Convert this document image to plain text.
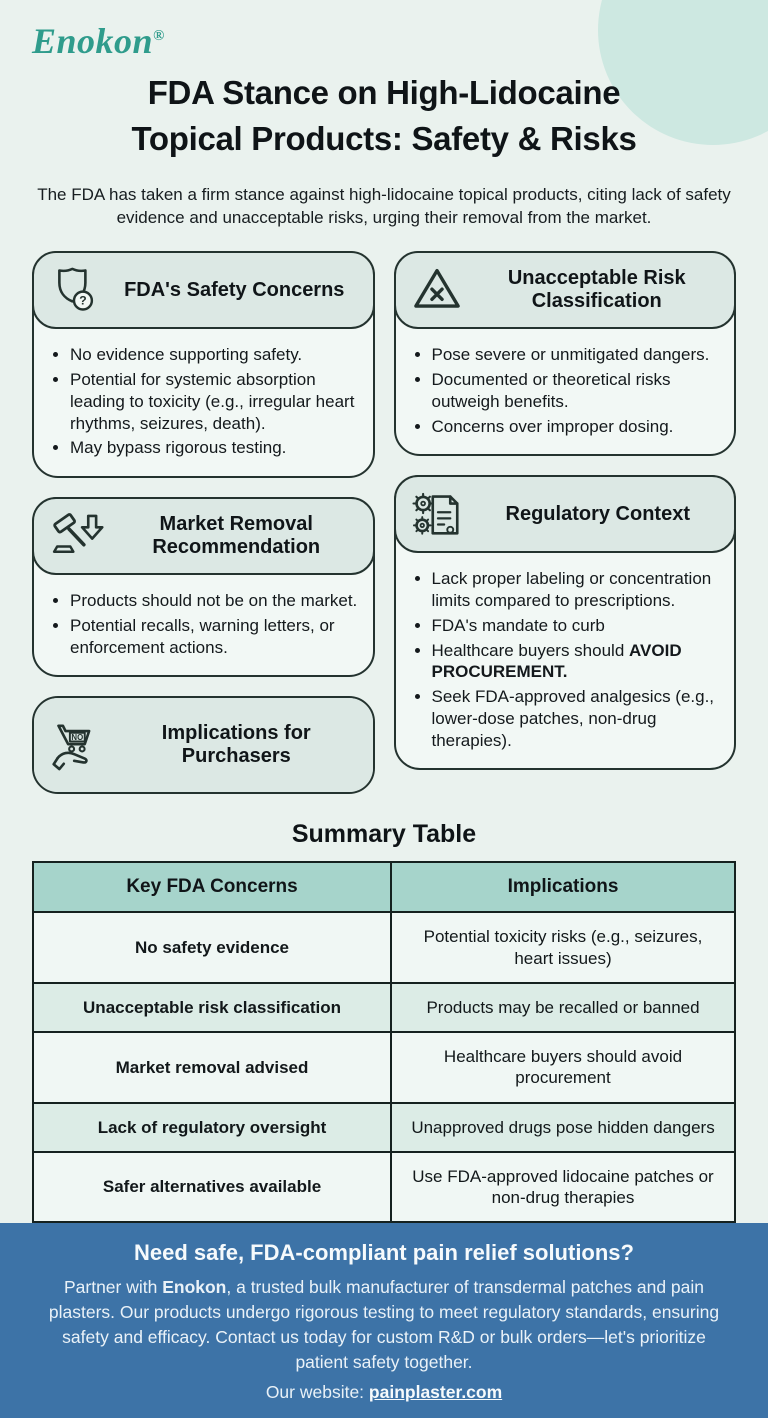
Enokon®
FDA Stance on High-Lidocaine
Topical Products: Safety & Risks

The FDA has taken a firm stance against high-lidocaine topical products, citing lack of safety evidence and unacceptable risks, urging their removal from the market.

?
FDA's Safety Concerns
• No evidence supporting safety.
• Potential for systemic absorption leading to toxicity (e.g., irregular heart rhythms, seizures, death).
• May bypass rigorous testing.
Market Removal Recommendation
• Products should not be on the market.
• Potential recalls, warning letters, or enforcement actions.
NO	Implications for Purchasers
Unacceptable Risk Classification
• Pose severe or unmitigated dangers.
• Documented or theoretical risks outweigh benefits.
• Concerns over improper dosing.
Regulatory Context
• Lack proper labeling or concentration limits compared to prescriptions.
• FDA's mandate to curb
• Healthcare buyers should AVOID PROCUREMENT.
• Seek FDA-approved analgesics (e.g., lower-dose patches, non-drug therapies).
Summary Table
Key FDA Concerns	Implications
No safety evidence	Potential toxicity risks (e.g., seizures, heart issues)
Unacceptable risk classification	Products may be recalled or banned
Market removal advised	Healthcare buyers should avoid procurement
Lack of regulatory oversight	Unapproved drugs pose hidden dangers
Safer alternatives available	Use FDA-approved lidocaine patches or non-drug therapies

Need safe, FDA-compliant pain relief solutions?

Partner with Enokon, a trusted bulk manufacturer of transdermal patches and pain plasters. Our products undergo rigorous testing to meet regulatory standards, ensuring safety and efficacy. Contact us today for custom R&D or bulk orders—let's prioritize patient safety together.

Our website: painplaster.com
